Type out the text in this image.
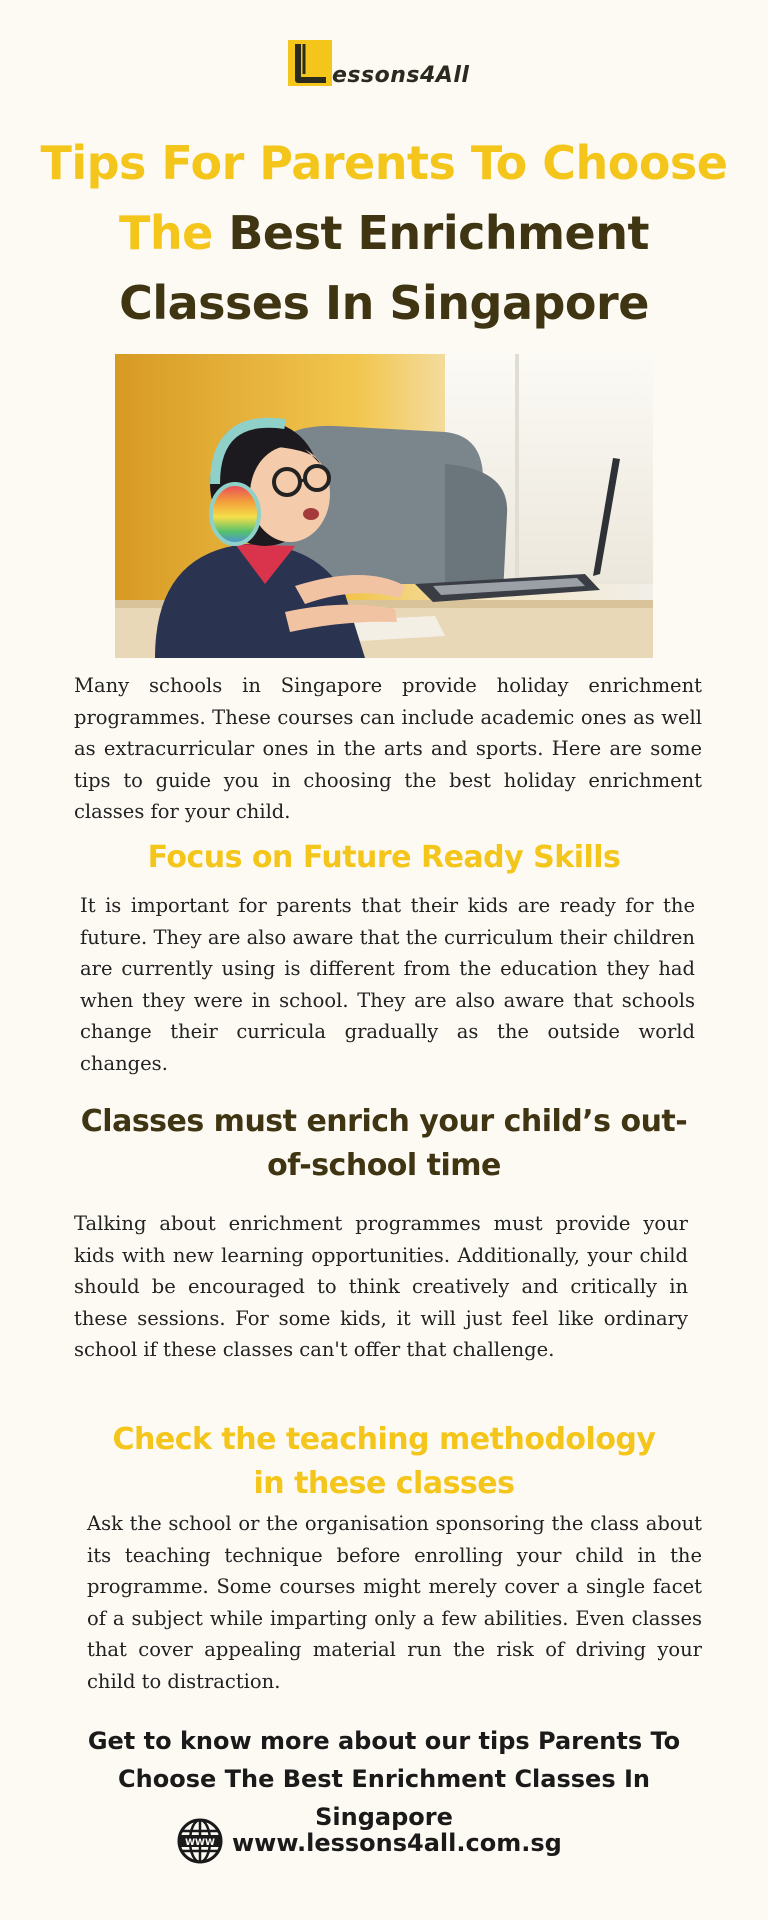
essons4All
Tips For Parents To Choose
The Best Enrichment
Classes In Singapore

Many schools in Singapore provide holiday enrichment programmes. These courses can include academic ones as well as extracurricular ones in the arts and sports. Here are some tips to guide you in choosing the best holiday enrichment classes for your child.

Focus on Future Ready Skills

It is important for parents that their kids are ready for the future. They are also aware that the curriculum their children are currently using is different from the education they had when they were in school. They are also aware that schools change their curricula gradually as the outside world changes.

Classes must enrich your child’s out-of-school time

Talking about enrichment programmes must provide your kids with new learning opportunities. Additionally, your child should be encouraged to think creatively and critically in these sessions. For some kids, it will just feel like ordinary school if these classes can't offer that challenge.

Check the teaching methodology in these classes

Ask the school or the organisation sponsoring the class about its teaching technique before enrolling your child in the programme. Some courses might merely cover a single facet of a subject while imparting only a few abilities. Even classes that cover appealing material run the risk of driving your child to distraction.

Get to know more about our tips Parents To Choose The Best Enrichment Classes In Singapore

WWW www.lessons4all.com.sg
